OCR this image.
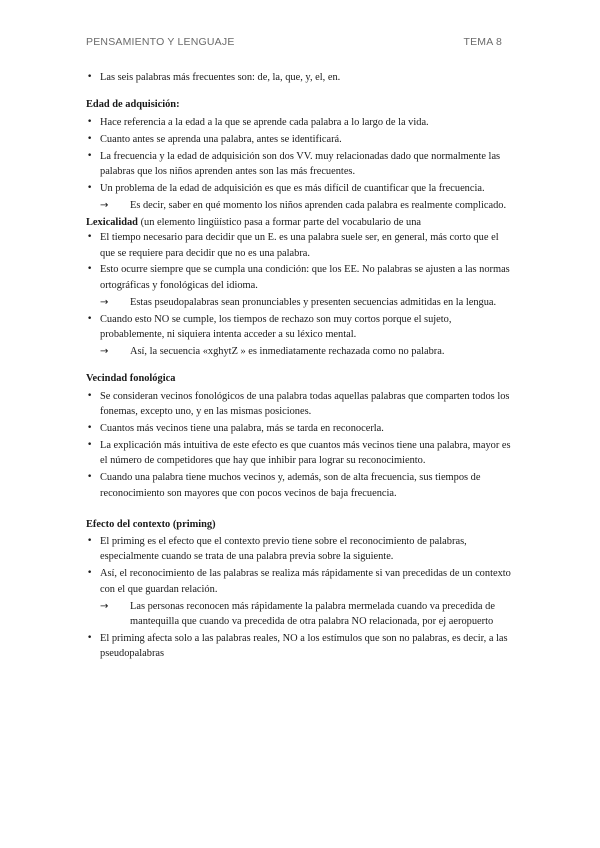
PENSAMIENTO Y LENGUAJE	TEMA 8
• Las seis palabras más frecuentes son: de, la, que, y, el, en.
Edad de adquisición:
• Hace referencia a la edad a la que se aprende cada palabra a lo largo de la vida.
• Cuanto antes se aprenda una palabra, antes se identificará.
• La frecuencia y la edad de adquisición son dos VV. muy relacionadas dado que normalmente las palabras que los niños aprenden antes son las más frecuentes.
• Un problema de la edad de adquisición es que es más difícil de cuantificar que la frecuencia.
→ Es decir, saber en qué momento los niños aprenden cada palabra es realmente complicado.
Lexicalidad (un elemento lingüístico pasa a formar parte del vocabulario de una
• El tiempo necesario para decidir que un E. es una palabra suele ser, en general, más corto que el que se requiere para decidir que no es una palabra.
• Esto ocurre siempre que se cumpla una condición: que los EE. No palabras se ajusten a las normas ortográficas y fonológicas del idioma.
→ Estas pseudopalabras sean pronunciables y presenten secuencias admitidas en la lengua.
• Cuando esto NO se cumple, los tiempos de rechazo son muy cortos porque el sujeto, probablemente, ni siquiera intenta acceder a su léxico mental.
→ Así, la secuencia «xghytZ » es inmediatamente rechazada como no palabra.
Vecindad fonológica
• Se consideran vecinos fonológicos de una palabra todas aquellas palabras que comparten todos los fonemas, excepto uno, y en las mismas posiciones.
• Cuantos más vecinos tiene una palabra, más se tarda en reconocerla.
• La explicación más intuitiva de este efecto es que cuantos más vecinos tiene una palabra, mayor es el número de competidores que hay que inhibir para lograr su reconocimiento.
• Cuando una palabra tiene muchos vecinos y, además, son de alta frecuencia, sus tiempos de reconocimiento son mayores que con pocos vecinos de baja frecuencia.
Efecto del contexto (priming)
• El priming es el efecto que el contexto previo tiene sobre el reconocimiento de palabras, especialmente cuando se trata de una palabra previa sobre la siguiente.
• Así, el reconocimiento de las palabras se realiza más rápidamente si van precedidas de un contexto con el que guardan relación.
→ Las personas reconocen más rápidamente la palabra mermelada cuando va precedida de mantequilla que cuando va precedida de otra palabra NO relacionada, por ej aeropuerto
• El priming afecta solo a las palabras reales, NO a los estímulos que son no palabras, es decir, a las pseudopalabras
